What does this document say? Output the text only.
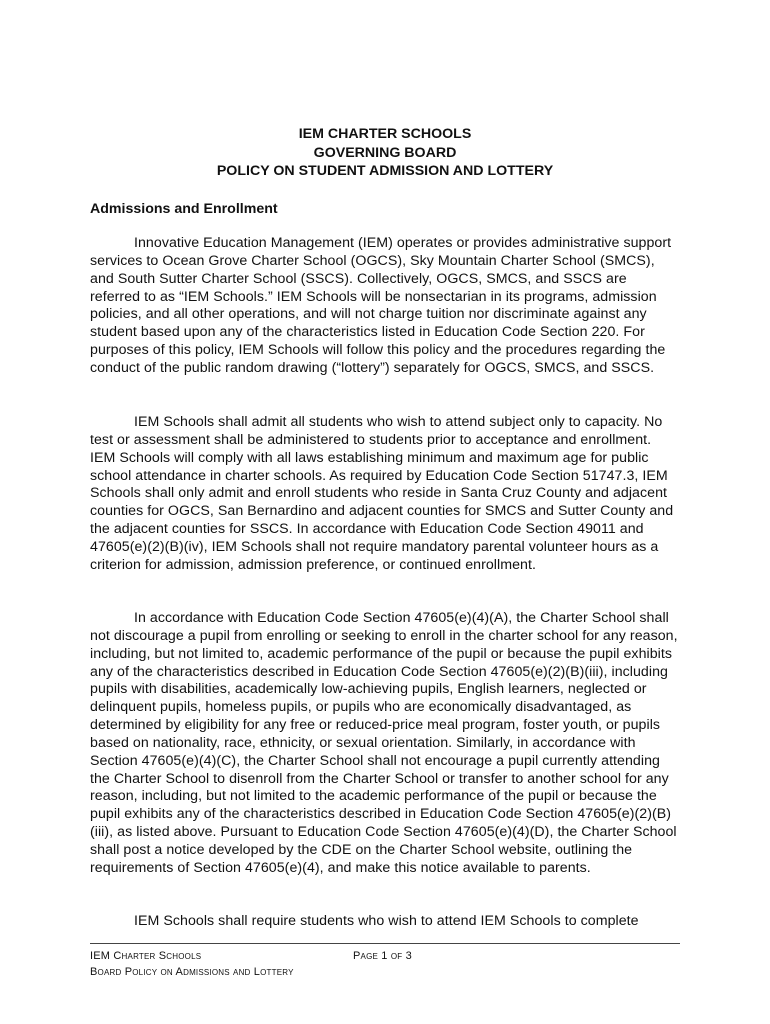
IEM CHARTER SCHOOLS
GOVERNING BOARD
POLICY ON STUDENT ADMISSION AND LOTTERY
Admissions and Enrollment

Innovative Education Management (IEM) operates or provides administrative support services to Ocean Grove Charter School (OGCS), Sky Mountain Charter School (SMCS), and South Sutter Charter School (SSCS). Collectively, OGCS, SMCS, and SSCS are referred to as “IEM Schools.” IEM Schools will be nonsectarian in its programs, admission policies, and all other operations, and will not charge tuition nor discriminate against any student based upon any of the characteristics listed in Education Code Section 220. For purposes of this policy, IEM Schools will follow this policy and the procedures regarding the conduct of the public random drawing (“lottery”) separately for OGCS, SMCS, and SSCS.

IEM Schools shall admit all students who wish to attend subject only to capacity. No test or assessment shall be administered to students prior to acceptance and enrollment. IEM Schools will comply with all laws establishing minimum and maximum age for public school attendance in charter schools. As required by Education Code Section 51747.3, IEM Schools shall only admit and enroll students who reside in Santa Cruz County and adjacent counties for OGCS, San Bernardino and adjacent counties for SMCS and Sutter County and the adjacent counties for SSCS. In accordance with Education Code Section 49011 and 47605(e)(2)(B)(iv), IEM Schools shall not require mandatory parental volunteer hours as a criterion for admission, admission preference, or continued enrollment.

In accordance with Education Code Section 47605(e)(4)(A), the Charter School shall not discourage a pupil from enrolling or seeking to enroll in the charter school for any reason, including, but not limited to, academic performance of the pupil or because the pupil exhibits any of the characteristics described in Education Code Section 47605(e)(2)(B)(iii), including pupils with disabilities, academically low-achieving pupils, English learners, neglected or delinquent pupils, homeless pupils, or pupils who are economically disadvantaged, as determined by eligibility for any free or reduced-price meal program, foster youth, or pupils based on nationality, race, ethnicity, or sexual orientation. Similarly, in accordance with Section 47605(e)(4)(C), the Charter School shall not encourage a pupil currently attending the Charter School to disenroll from the Charter School or transfer to another school for any reason, including, but not limited to the academic performance of the pupil or because the pupil exhibits any of the characteristics described in Education Code Section 47605(e)(2)(B)(iii), as listed above. Pursuant to Education Code Section 47605(e)(4)(D), the Charter School shall post a notice developed by the CDE on the Charter School website, outlining the requirements of Section 47605(e)(4), and make this notice available to parents.

IEM Schools shall require students who wish to attend IEM Schools to complete

IEM Charter Schools
Board Policy on Admissions and Lottery
Page 1 of 3
